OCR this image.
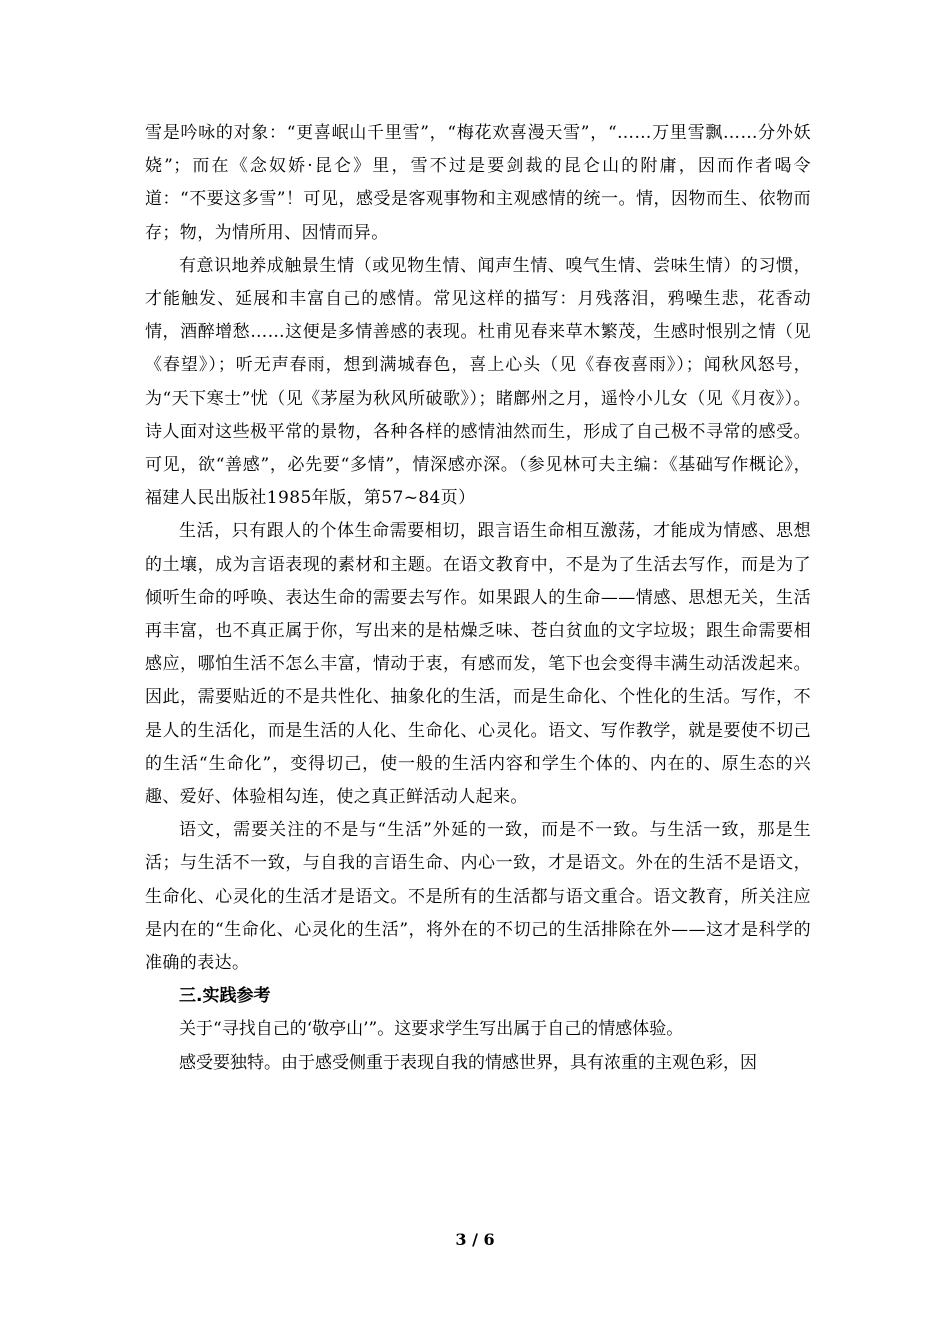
雪是吟咏的对象：“更喜岷山千里雪”，“梅花欢喜漫天雪”，“……万里雪飘……分外妖娆”；而在《念奴娇·昆仑》里，雪不过是要剑裁的昆仑山的附庸，因而作者喝令道：“不要这多雪”！可见，感受是客观事物和主观感情的统一。情，因物而生、依物而存；物，为情所用、因情而异。

有意识地养成触景生情（或见物生情、闻声生情、嗅气生情、尝味生情）的习惯，才能触发、延展和丰富自己的感情。常见这样的描写：月残落泪，鸦噪生悲，花香动情，酒醉增愁……这便是多情善感的表现。杜甫见春来草木繁茂，生感时恨别之情（见《春望》）；听无声春雨，想到满城春色，喜上心头（见《春夜喜雨》）；闻秋风怒号，为“天下寒士”忧（见《茅屋为秋风所破歌》）；睹鄜州之月，遥怜小儿女（见《月夜》）。诗人面对这些极平常的景物，各种各样的感情油然而生，形成了自己极不寻常的感受。可见，欲“善感”，必先要“多情”，情深感亦深。（参见林可夫主编：《基础写作概论》，福建人民出版社1985年版，第57~84页）

生活，只有跟人的个体生命需要相切，跟言语生命相互激荡，才能成为情感、思想的土壤，成为言语表现的素材和主题。在语文教育中，不是为了生活去写作，而是为了倾听生命的呼唤、表达生命的需要去写作。如果跟人的生命——情感、思想无关，生活再丰富，也不真正属于你，写出来的是枯燥乏味、苍白贫血的文字垃圾；跟生命需要相感应，哪怕生活不怎么丰富，情动于衷，有感而发，笔下也会变得丰满生动活泼起来。因此，需要贴近的不是共性化、抽象化的生活，而是生命化、个性化的生活。写作，不是人的生活化，而是生活的人化、生命化、心灵化。语文、写作教学，就是要使不切己的生活“生命化”，变得切己，使一般的生活内容和学生个体的、内在的、原生态的兴趣、爱好、体验相勾连，使之真正鲜活动人起来。

语文，需要关注的不是与“生活”外延的一致，而是不一致。与生活一致，那是生活；与生活不一致，与自我的言语生命、内心一致，才是语文。外在的生活不是语文，生命化、心灵化的生活才是语文。不是所有的生活都与语文重合。语文教育，所关注应是内在的“生命化、心灵化的生活”，将外在的不切己的生活排除在外——这才是科学的准确的表达。

三.实践参考

关于“寻找自己的‘敬亭山’”。这要求学生写出属于自己的情感体验。

感受要独特。由于感受侧重于表现自我的情感世界，具有浓重的主观色彩，因

3 / 6
